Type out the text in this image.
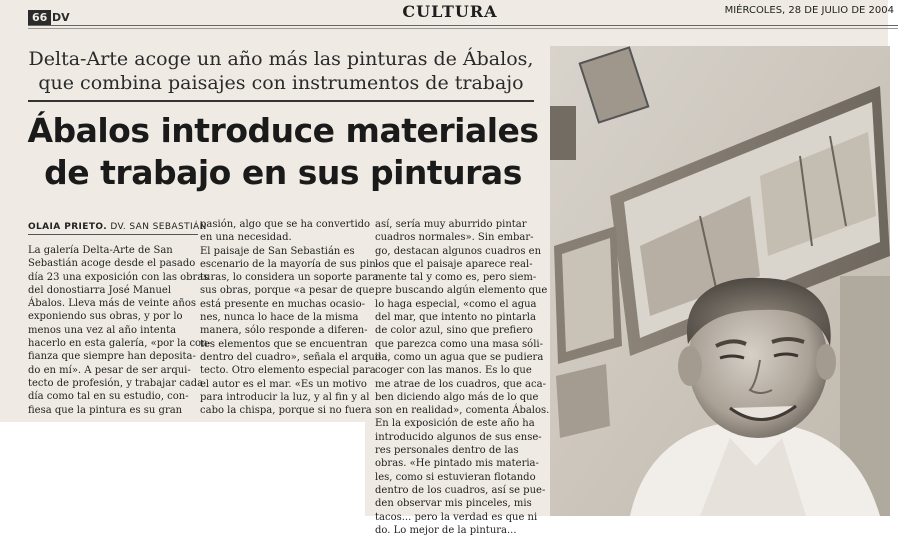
66 DV	CULTURA	MIÉRCOLES, 28 DE JULIO DE 2004
Delta-Arte acoge un año más las pinturas de Ábalos,
que combina paisajes con instrumentos de trabajo
Ábalos introduce materiales
de trabajo en sus pinturas
OLAIA PRIETO. DV. SAN SEBASTIÁN
La galería Delta-Arte de San
Sebastián acoge desde el pasado
día 23 una exposición con las obras
del donostiarra José Manuel
Ábalos. Lleva más de veinte años
exponiendo sus obras, y por lo
menos una vez al año intenta
hacerlo en esta galería, «por la con-
fianza que siempre han deposita-
do en mí». A pesar de ser arqui-
tecto de profesión, y trabajar cada
día como tal en su estudio, con-
fiesa que la pintura es su gran
pasión, algo que se ha convertido
en una necesidad.
El paisaje de San Sebastián es
escenario de la mayoría de sus pin-
turas, lo considera un soporte para
sus obras, porque «a pesar de que
está presente en muchas ocasio-
nes, nunca lo hace de la misma
manera, sólo responde a diferen-
tes elementos que se encuentran
dentro del cuadro», señala el arqui-
tecto. Otro elemento especial para
el autor es el mar. «Es un motivo
para introducir la luz, y al fin y al
cabo la chispa, porque si no fuera
así, sería muy aburrido pintar
cuadros normales». Sin embar-
go, destacan algunos cuadros en
los que el paisaje aparece real-
mente tal y como es, pero siem-
pre buscando algún elemento que
lo haga especial, «como el agua
del mar, que intento no pintarla
de color azul, sino que prefiero
que parezca como una masa sóli-
da, como un agua que se pudiera
coger con las manos. Es lo que
me atrae de los cuadros, que aca-
ben diciendo algo más de lo que
son en realidad», comenta Ábalos.
En la exposición de este año ha
introducido algunos de sus ense-
res personales dentro de las
obras. «He pintado mis materia-
les, como si estuvieran flotando
dentro de los cuadros, así se pue-
den observar mis pinceles, mis
tacos... pero la verdad es que ni
do. Lo mejor de la pintura...
